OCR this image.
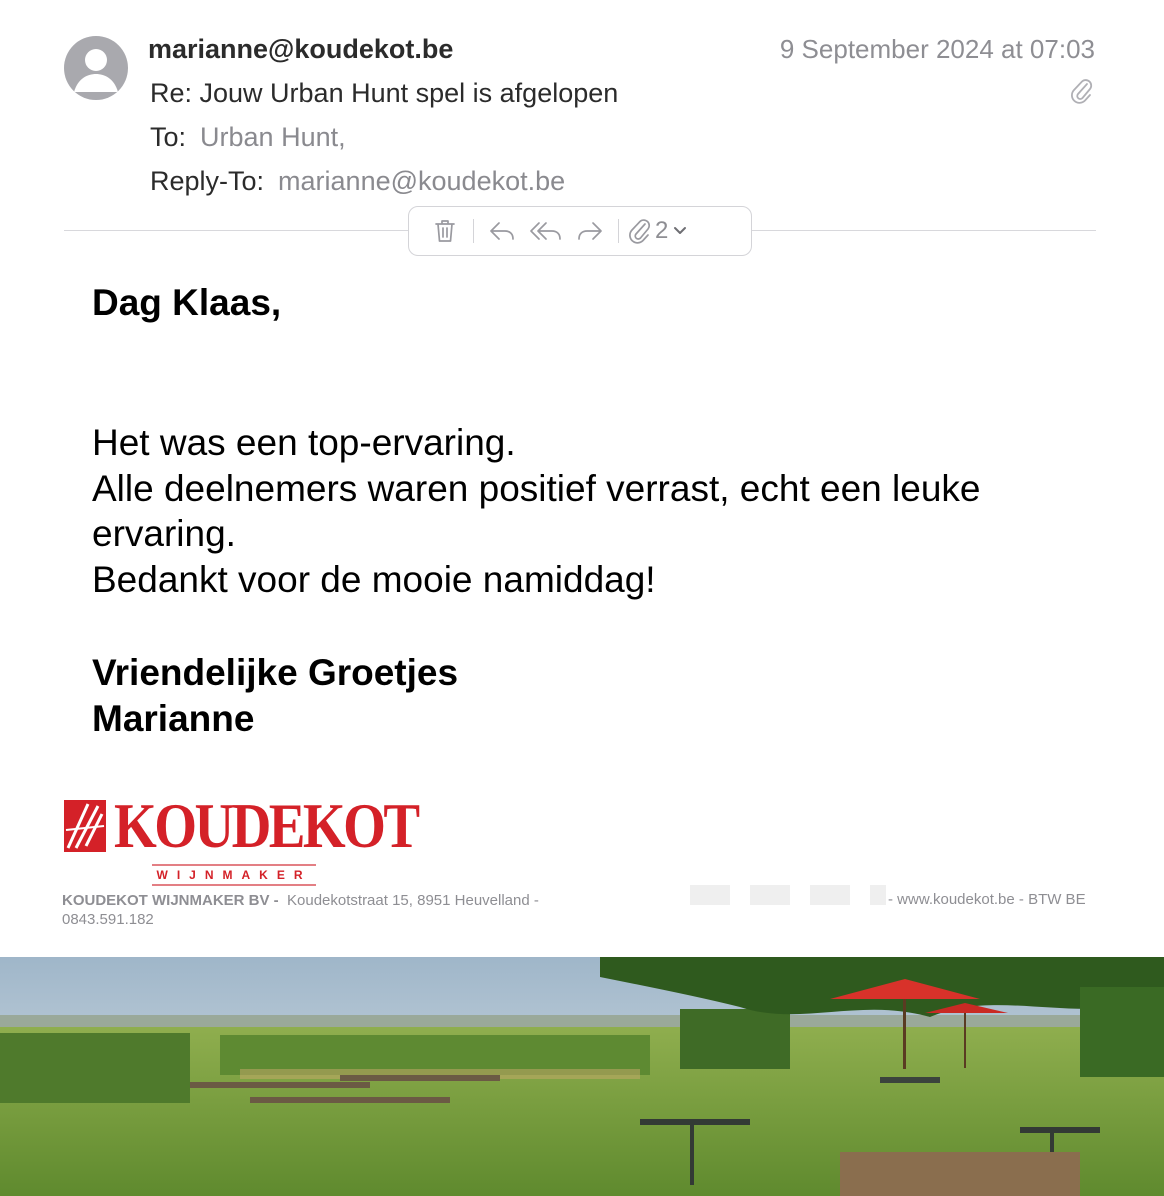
marianne@koudekot.be	9 September 2024 at 07:03
Re: Jouw Urban Hunt spel is afgelopen
To: Urban Hunt,
Reply-To: marianne@koudekot.be
2
Dag Klaas,
Het was een top-ervaring.
Alle deelnemers waren positief verrast, echt een leuke ervaring.
Bedankt voor de mooie namiddag!
Vriendelijke Groetjes
Marianne
KOUDEKOT
WIJNMAKER
KOUDEKOT WIJNMAKER BV - Koudekotstraat 15, 8951 Heuvelland -
0843.591.182
- www.koudekot.be - BTW BE
